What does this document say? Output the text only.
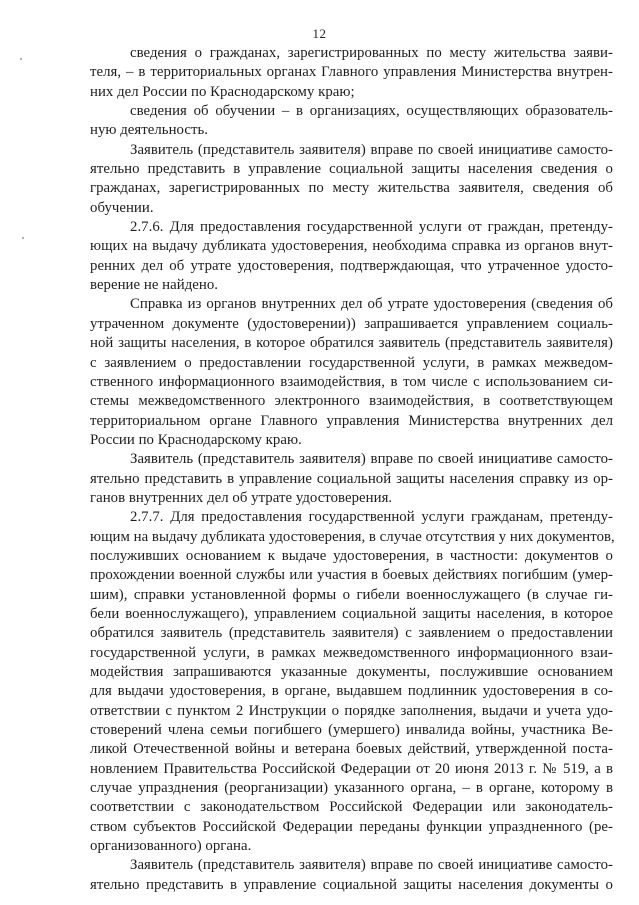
12
сведения о гражданах, зарегистрированных по месту жительства заяви-
теля, – в территориальных органах Главного управления Министерства внутрен-
них дел России по Краснодарскому краю;
сведения об обучении – в организациях, осуществляющих образователь-
ную деятельность.
Заявитель (представитель заявителя) вправе по своей инициативе самосто-
ятельно представить в управление социальной защиты населения сведения о
гражданах, зарегистрированных по месту жительства заявителя, сведения об
обучении.
2.7.6. Для предоставления государственной услуги от граждан, претенду-
ющих на выдачу дубликата удостоверения, необходима справка из органов внут-
ренних дел об утрате удостоверения, подтверждающая, что утраченное удосто-
верение не найдено.
Справка из органов внутренних дел об утрате удостоверения (сведения об
утраченном документе (удостоверении)) запрашивается управлением социаль-
ной защиты населения, в которое обратился заявитель (представитель заявителя)
с заявлением о предоставлении государственной услуги, в рамках межведом-
ственного информационного взаимодействия, в том числе с использованием си-
стемы межведомственного электронного взаимодействия, в соответствующем
территориальном органе Главного управления Министерства внутренних дел
России по Краснодарскому краю.
Заявитель (представитель заявителя) вправе по своей инициативе самосто-
ятельно представить в управление социальной защиты населения справку из ор-
ганов внутренних дел об утрате удостоверения.
2.7.7. Для предоставления государственной услуги гражданам, претенду-
ющим на выдачу дубликата удостоверения, в случае отсутствия у них документов,
послуживших основанием к выдаче удостоверения, в частности: документов о
прохождении военной службы или участия в боевых действиях погибшим (умер-
шим), справки установленной формы о гибели военнослужащего (в случае ги-
бели военнослужащего), управлением социальной защиты населения, в которое
обратился заявитель (представитель заявителя) с заявлением о предоставлении
государственной услуги, в рамках межведомственного информационного взаи-
модействия запрашиваются указанные документы, послужившие основанием
для выдачи удостоверения, в органе, выдавшем подлинник удостоверения в со-
ответствии с пунктом 2 Инструкции о порядке заполнения, выдачи и учета удо-
стоверений члена семьи погибшего (умершего) инвалида войны, участника Ве-
ликой Отечественной войны и ветерана боевых действий, утвержденной поста-
новлением Правительства Российской Федерации от 20 июня 2013 г. № 519, а в
случае упразднения (реорганизации) указанного органа, – в органе, которому в
соответствии с законодательством Российской Федерации или законодатель-
ством субъектов Российской Федерации переданы функции упраздненного (ре-
организованного) органа.
Заявитель (представитель заявителя) вправе по своей инициативе самосто-
ятельно представить в управление социальной защиты населения документы о
